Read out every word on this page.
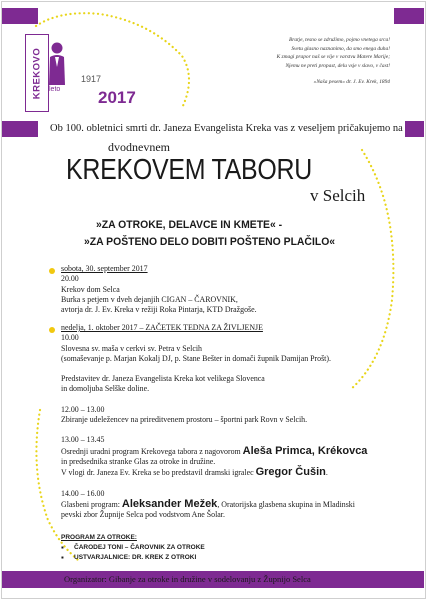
KREKOVO leto
1917
2017
Bratje, tesno se združimo, pojmo vnetega srca!
Svetu glasno naznanimo, da smo enega duha!
K zmagi prapor naš se vije v varstvu Matere Marije;
Njemu ne preti propast, delu vsje v slavo, v čast!
»Naša pesem« dr. J. Ev. Krek, 1894
Ob 100. obletnici smrti dr. Janeza Evangelista Kreka vas z veseljem pričakujemo na
dvodnevnem
KREKOVEM TABORU
v Selcih
»ZA OTROKE, DELAVCE IN KMETE« -
»ZA POŠTENO DELO DOBITI POŠTENO PLAČILO«
sobota, 30. september 2017
20.00
Krekov dom Selca
Burka s petjem v dveh dejanjih CIGAN – ČAROVNIK,
avtorja dr. J. Ev. Kreka v režiji Roka Pintarja, KTD Dražgoše.
nedelja, 1. oktober 2017 – ZAČETEK TEDNA ZA ŽIVLJENJE
10.00
Slovesna sv. maša v cerkvi sv. Petra v Selcih
(somaševanje p. Marjan Kokalj DJ, p. Stane Bešter in domači župnik Damijan Prošt).
Predstavitev dr. Janeza Evangelista Kreka kot velikega Slovenca
in domoljuba Selške doline.
12.00 – 13.00
Zbiranje udeležencev na prireditvenem prostoru – športni park Rovn v Selcih.
13.00 – 13.45
Osrednji uradni program Krekovega tabora z nagovorom Aleša Primca, Krékovca
in predsednika stranke Glas za otroke in družine.
V vlogi dr. Janeza Ev. Kreka se bo predstavil dramski igralec Gregor Čušin.
14.00 – 16.00
Glasbeni program: Aleksander Mežek, Oratorijska glasbena skupina in Mladinski
pevski zbor Župnije Selca pod vodstvom Ane Šolar.
PROGRAM ZA OTROKE:
▪ ČARODEJ TONI – ČAROVNIK ZA OTROKE
▪ USTVARJALNICE: DR. KREK Z OTROKI
Organizator: Gibanje za otroke in družine v sodelovanju z Župnijo Selca
